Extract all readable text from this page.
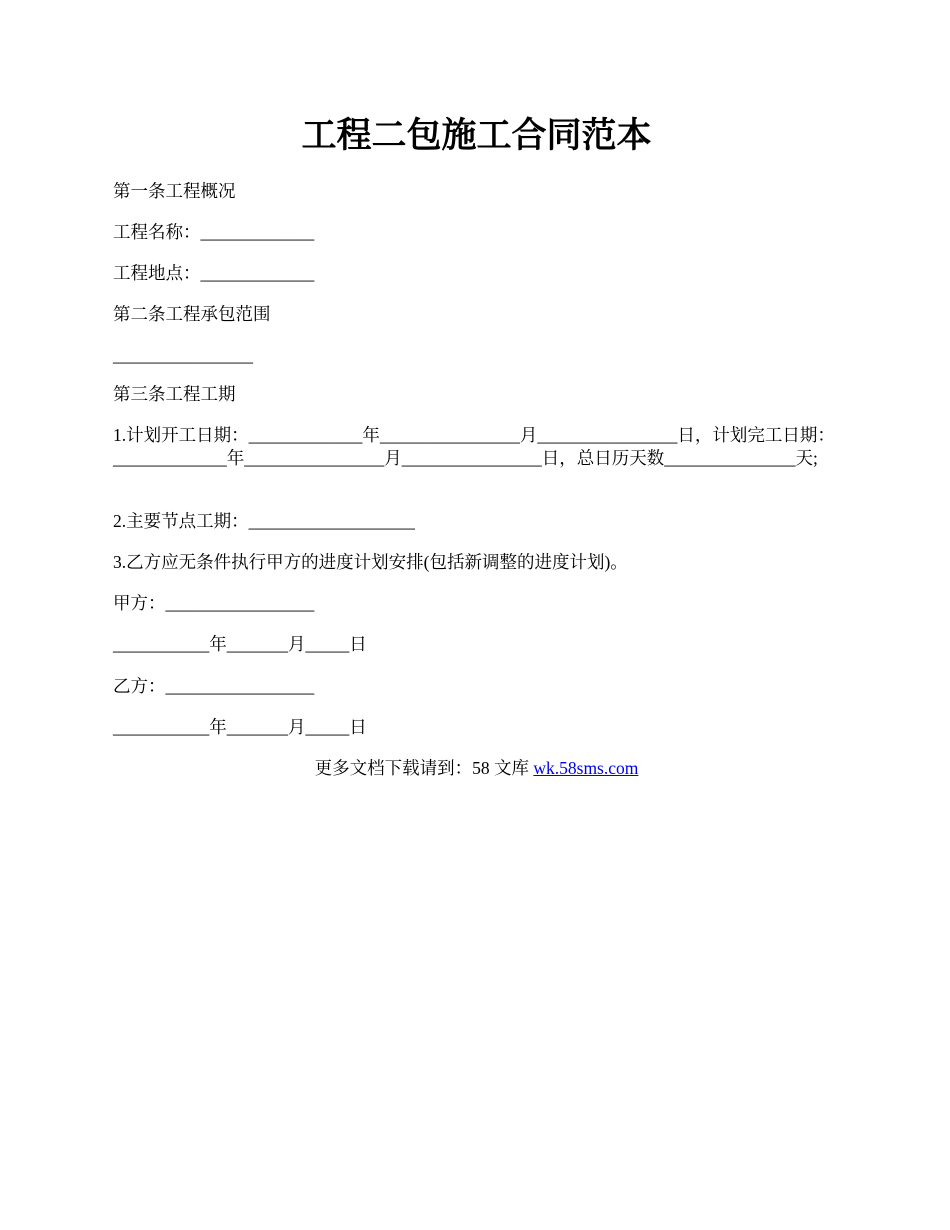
工程二包施工合同范本
第一条工程概况
工程名称：_____________
工程地点：_____________
第二条工程承包范围
________________
第三条工程工期
1.计划开工日期：_____________年________________月________________日，计划完工日期：_____________年________________月________________日，总日历天数_______________天;
2.主要节点工期：___________________
3.乙方应无条件执行甲方的进度计划安排(包括新调整的进度计划)。
甲方：_________________
___________年_______月_____日
乙方：_________________
___________年_______月_____日
更多文档下载请到：58 文库 wk.58sms.com
